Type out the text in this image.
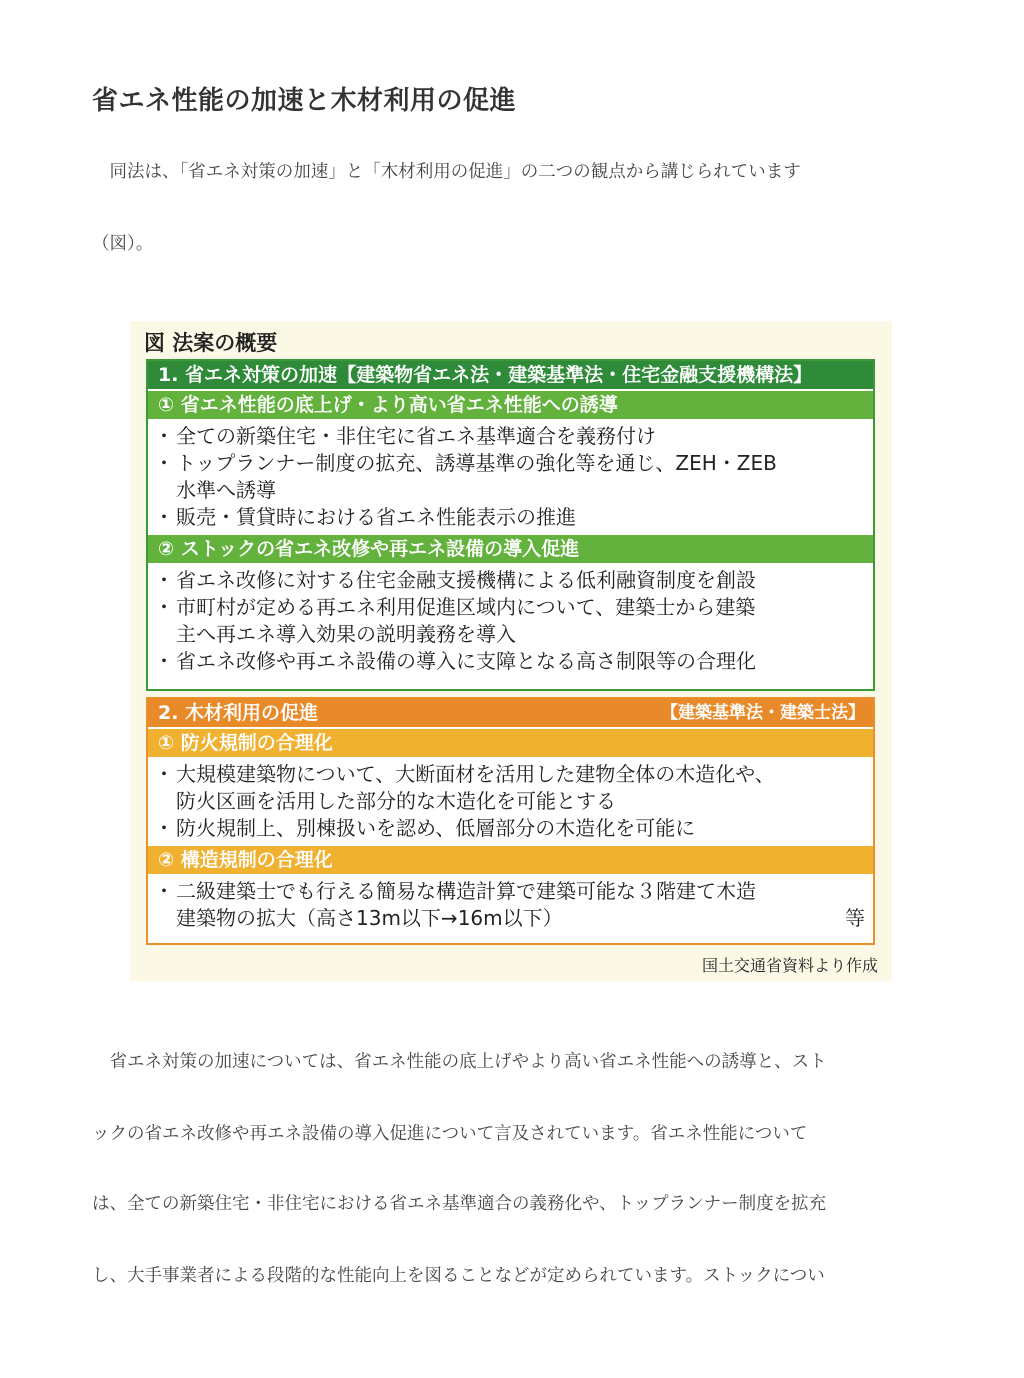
省エネ性能の加速と木材利用の促進
　同法は、「省エネ対策の加速」と「木材利用の促進」の二つの観点から講じられています
（図）。
図 法案の概要
1. 省エネ対策の加速【建築物省エネ法・建築基準法・住宅金融支援機構法】
① 省エネ性能の底上げ・より高い省エネ性能への誘導
・ 全ての新築住宅・非住宅に省エネ基準適合を義務付け
・ トップランナー制度の拡充、誘導基準の強化等を通じ、ZEH・ZEB
水準へ誘導
・ 販売・賃貸時における省エネ性能表示の推進
② ストックの省エネ改修や再エネ設備の導入促進
・ 省エネ改修に対する住宅金融支援機構による低利融資制度を創設
・ 市町村が定める再エネ利用促進区域内について、建築士から建築
主へ再エネ導入効果の説明義務を導入
・ 省エネ改修や再エネ設備の導入に支障となる高さ制限等の合理化
2. 木材利用の促進	【建築基準法・建築士法】
① 防火規制の合理化
・ 大規模建築物について、大断面材を活用した建物全体の木造化や、
防火区画を活用した部分的な木造化を可能とする
・ 防火規制上、別棟扱いを認め、低層部分の木造化を可能に
② 構造規制の合理化
・ 二級建築士でも行える簡易な構造計算で建築可能な３階建て木造
建築物の拡大（高さ13m以下→16m以下）	等
国土交通省資料より作成
　省エネ対策の加速については、省エネ性能の底上げやより高い省エネ性能への誘導と、スト
ックの省エネ改修や再エネ設備の導入促進について言及されています。省エネ性能について
は、全ての新築住宅・非住宅における省エネ基準適合の義務化や、トップランナー制度を拡充
し、大手事業者による段階的な性能向上を図ることなどが定められています。ストックについ
